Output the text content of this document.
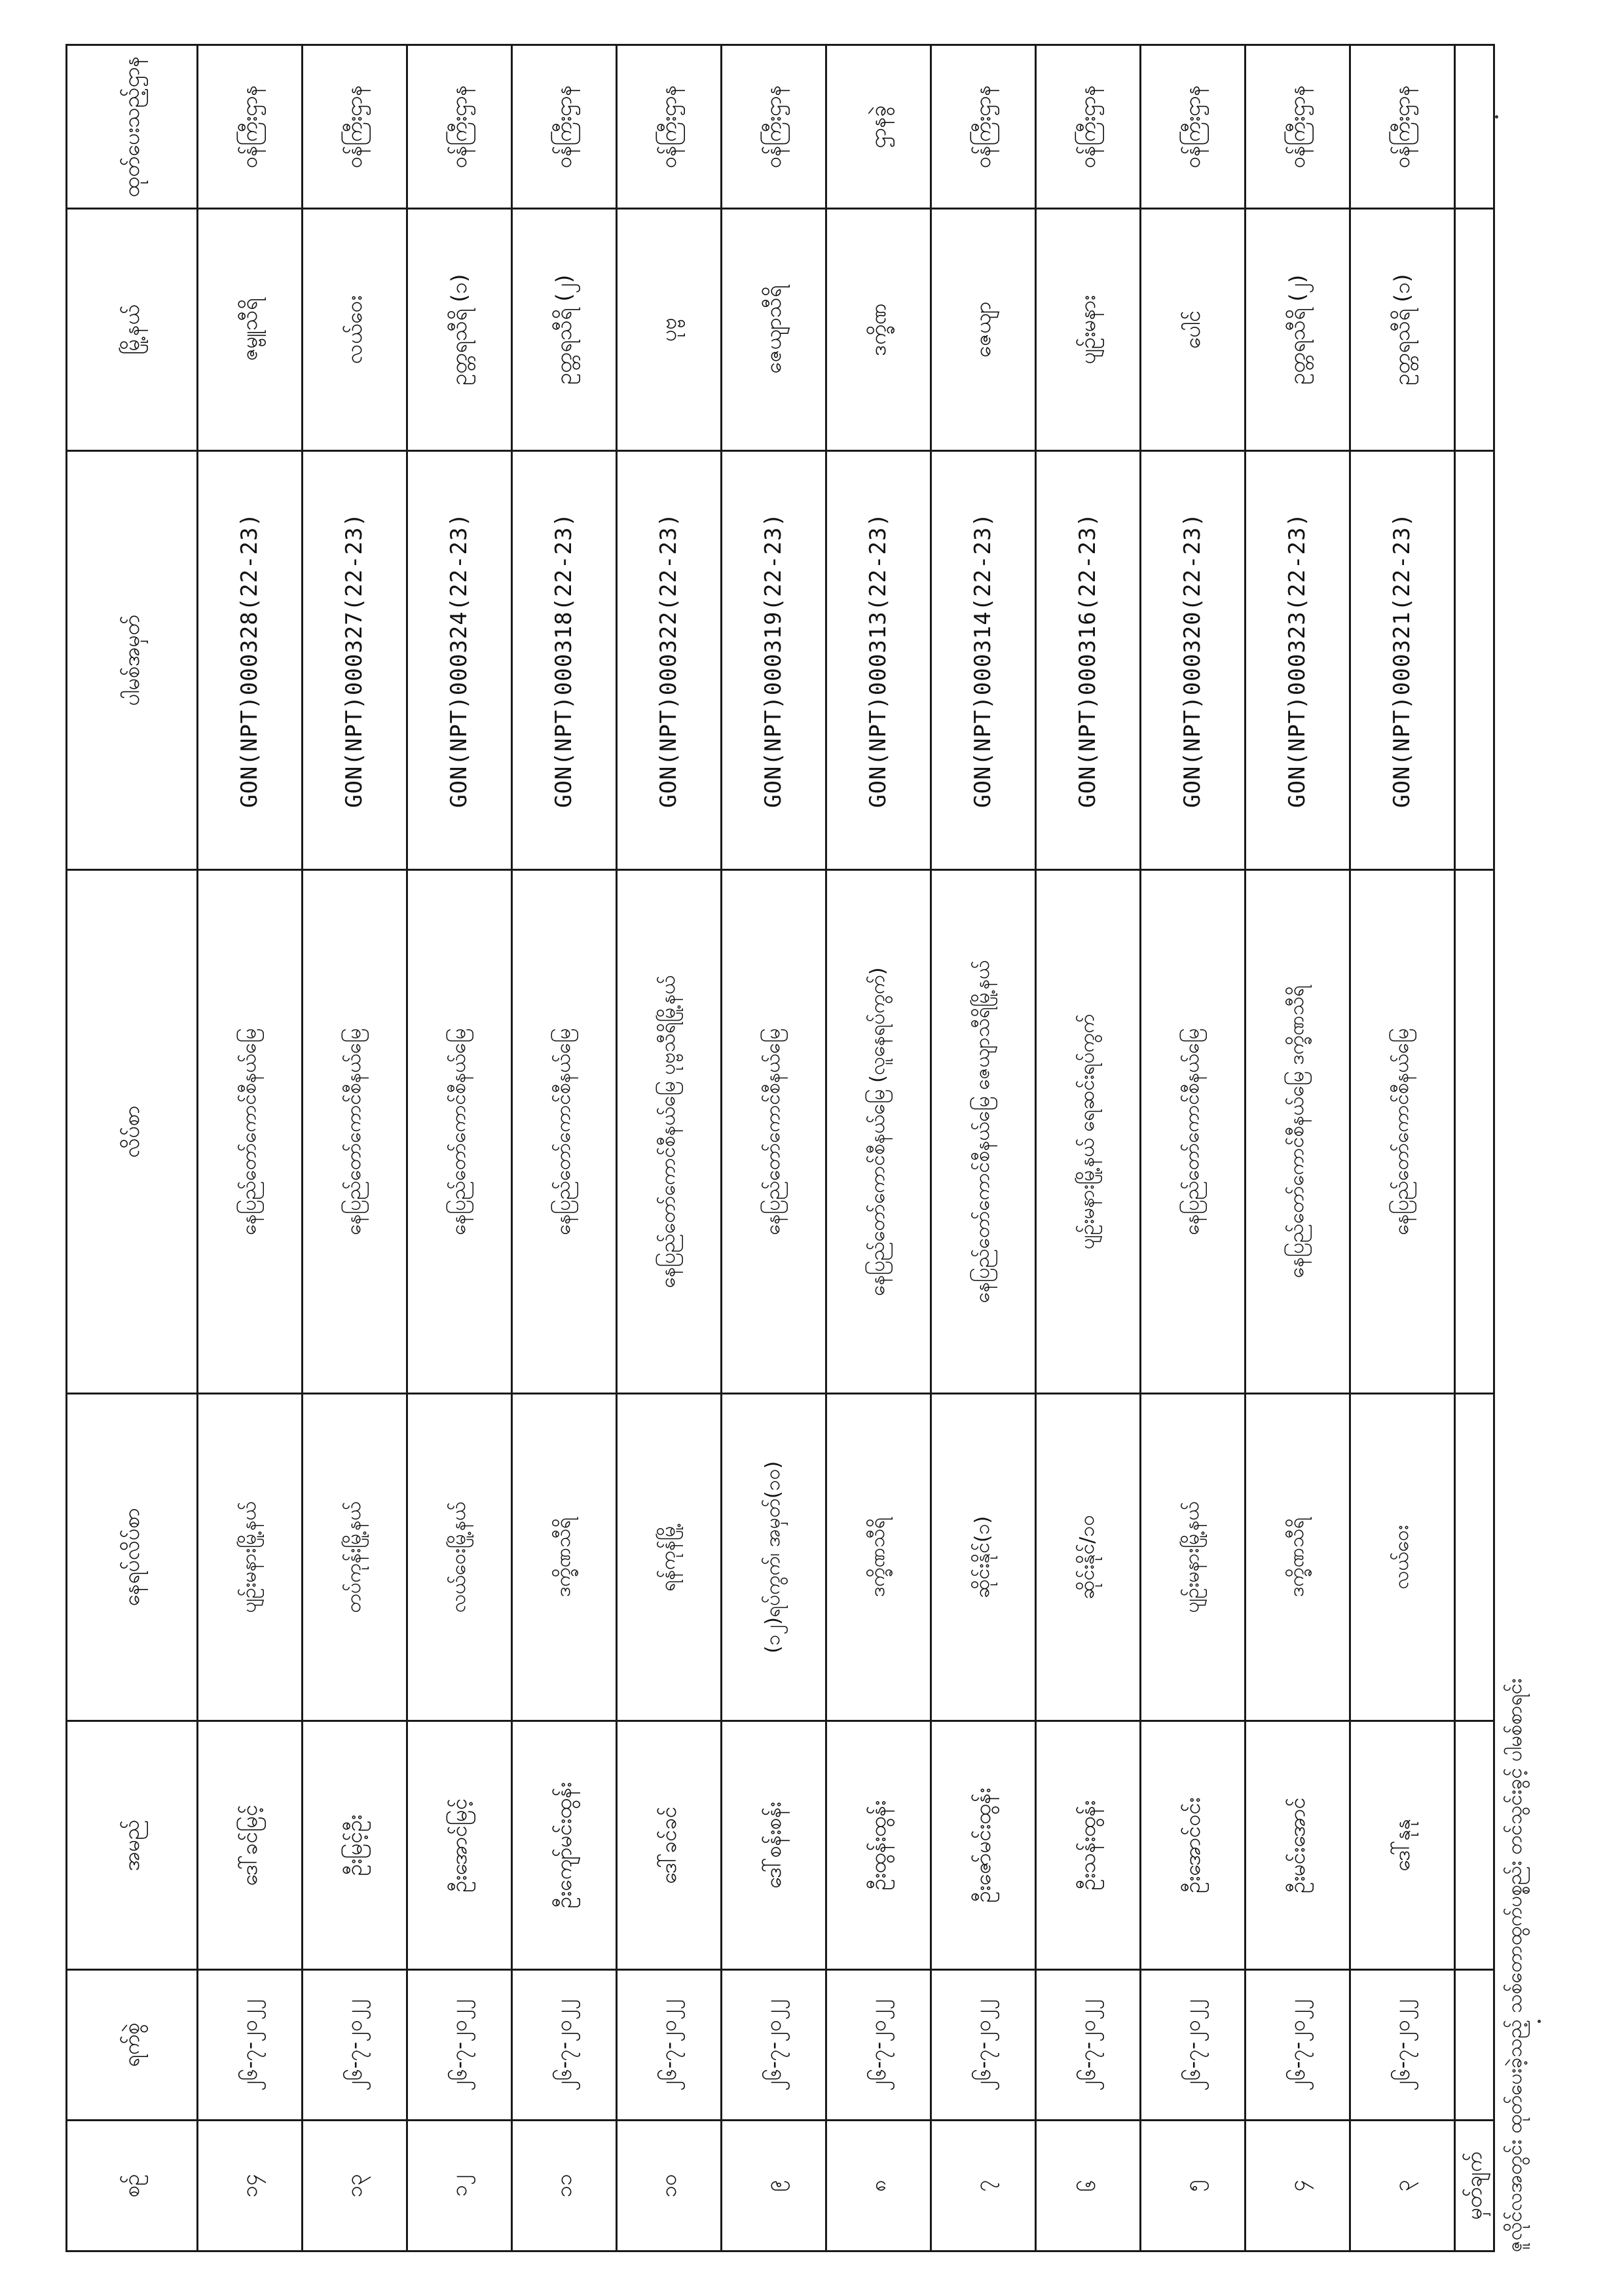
စဉ်	ရက်စွဲ	အမည်	နေရပ်လိပ်စာ	လိပ်စာ	ပါမစ်အမှတ်	မြို့နယ်	ထုတ်ပေးသည့်ဌာန
၁၄	၂၆-၇-၂၀၂၂	ဒေါ်ခင်မြင့်	ပျဉ်းမနားမြို့နယ်	နေပြည်တော်ကောင်စီနယ်မြေ	GON(NPT)000328(22-23)	ဇမ္ဗူသီရိ	ဝန်ကြီးဌာန
၁၃	၂၆-၇-၂၀၂၂	ဦးမြင့်ဦး	တပ်ကုန်းမြို့နယ်	နေပြည်တော်ကောင်စီနယ်မြေ	GON(NPT)000327(22-23)	လယ်ဝေး	ဝန်ကြီးဌာန
၁၂	၂၆-၇-၂၀၂၂	ဦးအောင်မြင့်	လယ်ဝေးမြို့နယ်	နေပြည်တော်ကောင်စီနယ်မြေ	GON(NPT)000324(22-23)	ဥတ္တရသီရိ (၁)	ဝန်ကြီးဌာန
၁၁	၂၆-၇-၂၀၂၂	ဦးကျော်မင်းထွန်း	ဒက္ခိဏသီရိ	နေပြည်တော်ကောင်စီနယ်မြေ	GON(NPT)000318(22-23)	ဥတ္တရသီရိ (၂)	ဝန်ကြီးဌာန
၁၀	၂၆-၇-၂၀၂၂	ဒေါ်ခင်ခင်	ရန်ကုန်မြို့	နေပြည်တော်ကောင်စီနယ်မြေ ပုဗ္ဗသီရိမြို့နယ်	GON(NPT)000322(22-23)	ပုဗ္ဗ	ဝန်ကြီးဌာန
၉	၂၆-၇-၂၀၂၂	ဒေါ်စန်းစန်း	(၁၂)ရပ်ကွက်၊ အမှတ်(၁၀)	နေပြည်တော်ကောင်စီနယ်မြေ	GON(NPT)000319(22-23)	ဇေယျာသီရိ	ဝန်ကြီးဌာန
၈	၂၆-၇-၂၀၂၂	ဦးထွန်းထွန်း	ဒက္ခိဏသီရိ	နေပြည်တော်ကောင်စီနယ်မြေ (လူနေရပ်ကွက်)	GON(NPT)000313(22-23)	ဒက္ခိဏ	ဌာနခွဲ
၇	၂၆-၇-၂၀၂၂	ဦးဇော်မင်းထွန်း	ဆိုင်းနိုင်(၁)	နေပြည်တော်ကောင်စီနယ်မြေ ဇေယျာသီရိမြို့နယ်	GON(NPT)000314(22-23)	ဇေယျာ	ဝန်ကြီးဌာန
၆	၂၆-၇-၂၀၂၂	ဦးသန်းထွန်း	ဆိုင်းနိုင်/၁၀	ပျဉ်းမနားမြို့နယ် ရေဆင်းရပ်ကွက်	GON(NPT)000316(22-23)	ပျဉ်းမနား	ဝန်ကြီးဌာန
၅	၂၆-၇-၂၀၂၂	ဦးအောင်ဝင်း	ပျဉ်းမနားမြို့နယ်	နေပြည်တော်ကောင်စီနယ်မြေ	GON(NPT)000320(22-23)	ပေါင်	ဝန်ကြီးဌာန
၄	၂၆-၇-၂၀၂၂	ဦးမင်းအောင်	ဒက္ခိဏသီရိ	နေပြည်တော်ကောင်စီနယ်မြေ ဒက္ခိဏသီရိ	GON(NPT)000323(22-23)	ဥတ္တရသီရိ (၂)	ဝန်ကြီးဌာန
၃	၂၆-၇-၂၀၂၂	ဒေါ်နုနု	လယ်ဝေး	နေပြည်တော်ကောင်စီနယ်မြေ	GON(NPT)000321(22-23)	ဥတ္တရသီရိ (၁)	ဝန်ကြီးဌာန
မှတ်ချက်							ဇူလိုင်လအတွင်း ထုတ်ပေးခဲ့သည့် သစ်တောထွက်ပစ္စည်း တင်သွင်းခွင့် ပါမစ်စာရင်း
